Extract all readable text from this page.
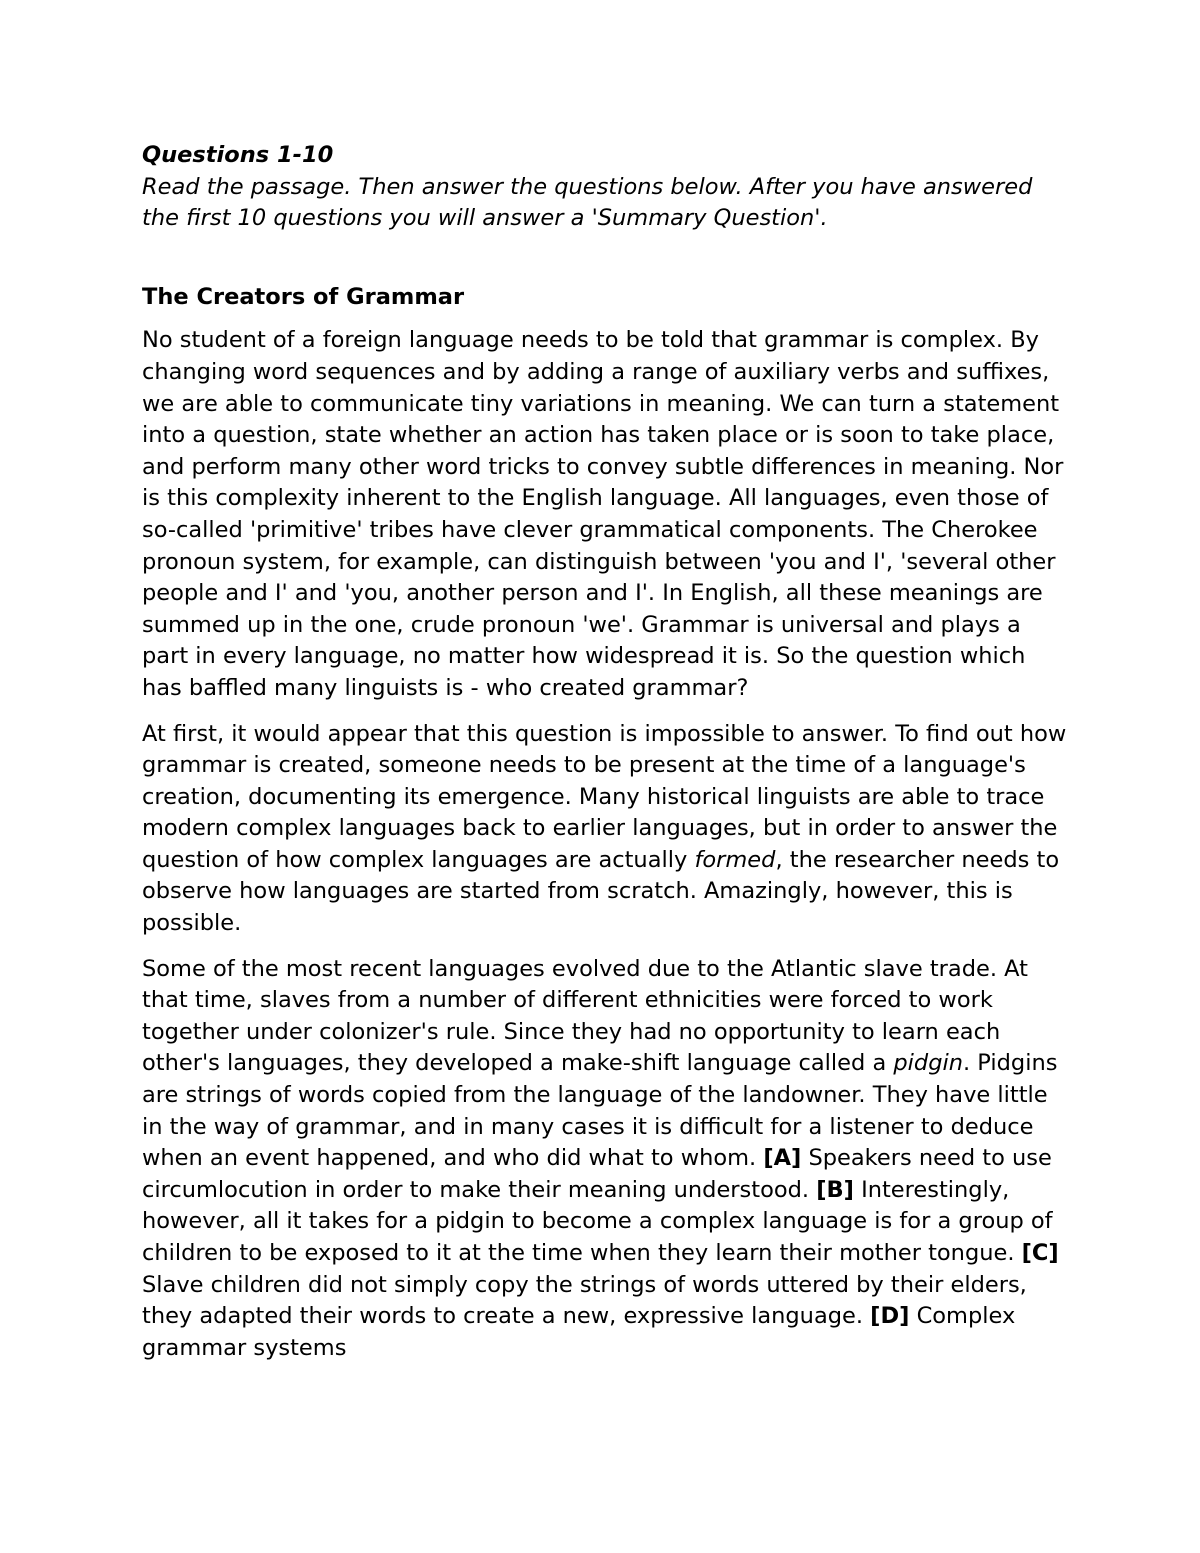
Questions 1-10
Read the passage. Then answer the questions below. After you have answered the first 10 questions you will answer a 'Summary Question'.
The Creators of Grammar

No student of a foreign language needs to be told that grammar is complex. By changing word sequences and by adding a range of auxiliary verbs and suffixes, we are able to communicate tiny variations in meaning. We can turn a statement into a question, state whether an action has taken place or is soon to take place, and perform many other word tricks to convey subtle differences in meaning. Nor is this complexity inherent to the English language. All languages, even those of so-called 'primitive' tribes have clever grammatical components. The Cherokee pronoun system, for example, can distinguish between 'you and I', 'several other people and I' and 'you, another person and I'. In English, all these meanings are summed up in the one, crude pronoun 'we'. Grammar is universal and plays a part in every language, no matter how widespread it is. So the question which has baffled many linguists is - who created grammar?

At first, it would appear that this question is impossible to answer. To find out how grammar is created, someone needs to be present at the time of a language's creation, documenting its emergence. Many historical linguists are able to trace modern complex languages back to earlier languages, but in order to answer the question of how complex languages are actually formed, the researcher needs to observe how languages are started from scratch. Amazingly, however, this is possible.

Some of the most recent languages evolved due to the Atlantic slave trade. At that time, slaves from a number of different ethnicities were forced to work together under colonizer's rule. Since they had no opportunity to learn each other's languages, they developed a make-shift language called a pidgin. Pidgins are strings of words copied from the language of the landowner. They have little in the way of grammar, and in many cases it is difficult for a listener to deduce when an event happened, and who did what to whom. [A] Speakers need to use circumlocution in order to make their meaning understood. [B] Interestingly, however, all it takes for a pidgin to become a complex language is for a group of children to be exposed to it at the time when they learn their mother tongue. [C] Slave children did not simply copy the strings of words uttered by their elders, they adapted their words to create a new, expressive language. [D] Complex grammar systems
